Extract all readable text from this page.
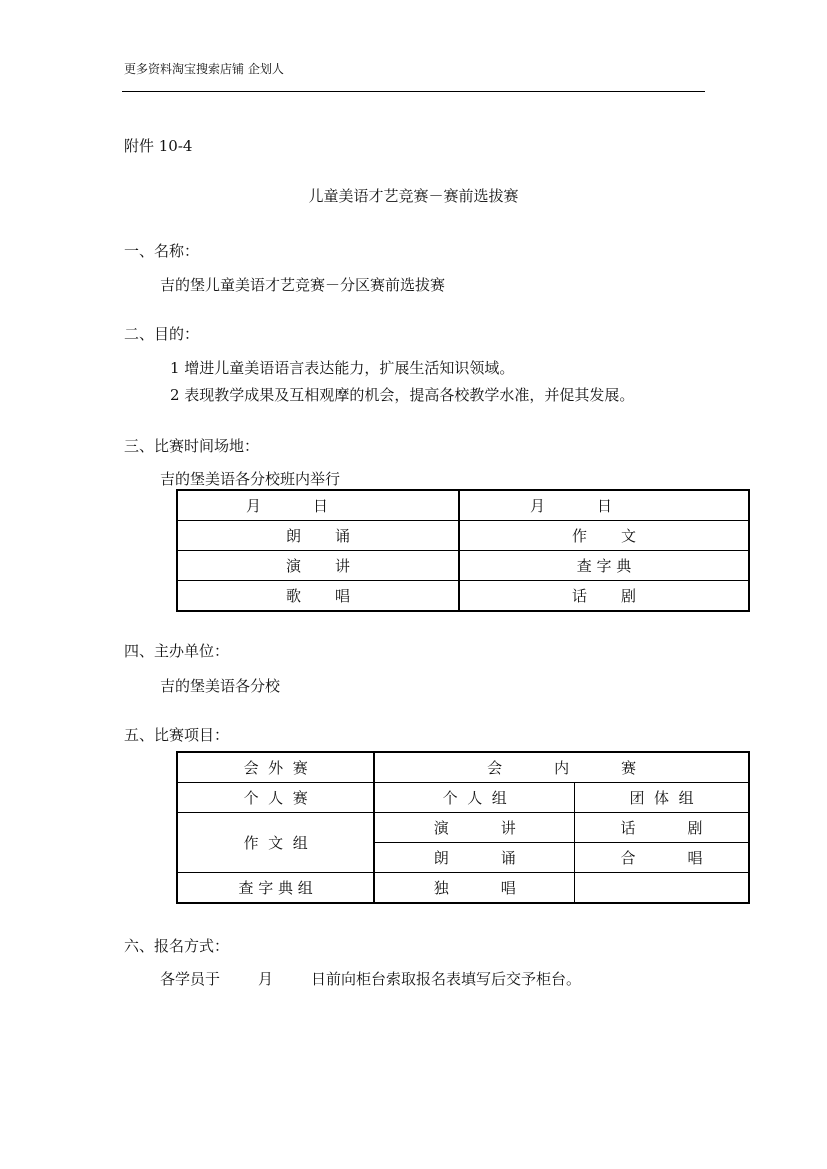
更多资料淘宝搜索店铺 企划人
附件 10-4
儿童美语才艺竞赛－赛前选拔赛
一、名称：
吉的堡儿童美语才艺竞赛－分区赛前选拔赛
二、目的：
1 增进儿童美语语言表达能力，扩展生活知识领域。
2 表现教学成果及互相观摩的机会，提高各校教学水准，并促其发展。
三、比赛时间场地：
吉的堡美语各分校班内举行
月 日	月 日
朗 诵	作 文
演 讲	查 字 典
歌 唱	话 剧
四、主办单位：
吉的堡美语各分校
五、比赛项目：
会  外  赛	会 内 赛	
个  人  赛	个  人  组	团  体  组
作  文  组	演 讲	话 剧
	朗 诵	合 唱
查 字 典 组	独 唱	
六、报名方式：
各学员于	月	日前向柜台索取报名表填写后交予柜台。
